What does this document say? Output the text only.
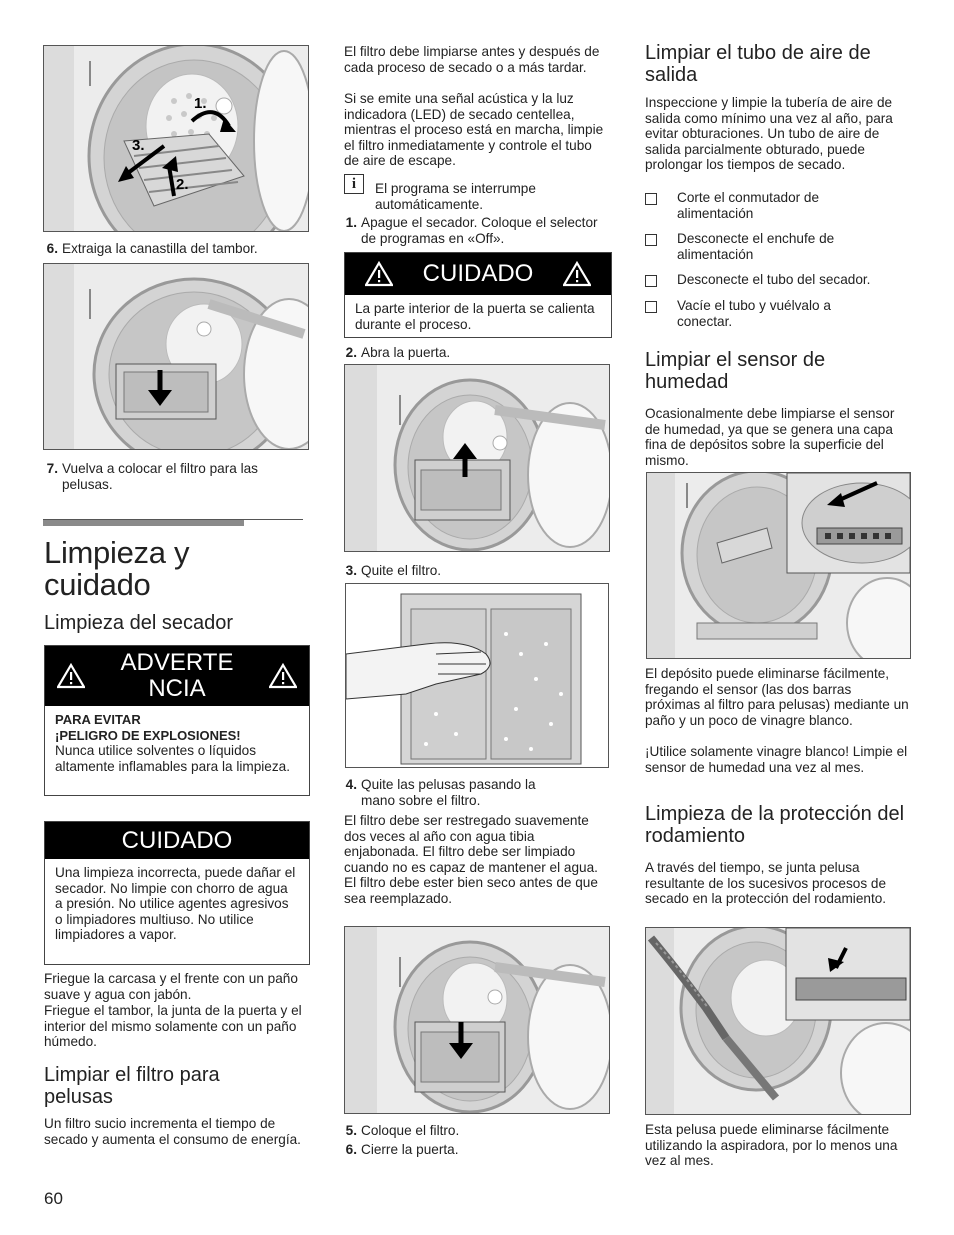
1.
2.
3.
6. Extraiga la canastilla del tambor.
7. Vuelva a colocar el filtro para las pelusas.
Limpieza y cuidado
Limpieza del secador
ADVERTENCIA

PARA EVITAR

¡PELIGRO DE EXPLOSIONES!

Nunca utilice solventes o líquidos altamente inflamables para la limpieza.

CUIDADO
Una limpieza incorrecta, puede dañar el secador. No limpie con chorro de agua a presión. No utilice agentes agresivos o limpiadores multiuso. No utilice limpiadores a vapor.
Friegue la carcasa y el frente con un paño suave y agua con jabón.
Friegue el tambor, la junta de la puerta y el interior del mismo solamente con un paño húmedo.
Limpiar el filtro para pelusas
Un filtro sucio incrementa el tiempo de secado y aumenta el consumo de energía.
60
El filtro debe limpiarse antes y después de cada proceso de secado o a más tardar.
Si se emite una señal acústica y la luz indicadora (LED) de secado centellea, mientras el proceso está en marcha, limpie el filtro inmediatamente y controle el tubo de aire de escape.
i	El programa se interrumpe automáticamente.
1. Apague el secador. Coloque el selector de programas en «Off».
CUIDADO
La parte interior de la puerta se calienta durante el proceso.
2. Abra la puerta.
3. Quite el filtro.
4. Quite las pelusas pasando la mano sobre el filtro.
El filtro debe ser restregado suavemente dos veces al año con agua tibia enjabonada. El filtro debe ser limpiado cuando no es capaz de mantener el agua. El filtro debe ester bien seco antes de que sea reemplazado.
5. Coloque el filtro.
6. Cierre la puerta.
Limpiar el tubo de aire de salida
Inspeccione y limpie la tubería de aire de salida como mínimo una vez al año, para evitar obturaciones. Un tubo de aire de salida parcialmente obturado, puede prolongar los tiempos de secado.
Corte el conmutador de alimentación
Desconecte el enchufe de alimentación
Desconecte el tubo del secador.
Vacíe el tubo y vuélvalo a conectar.
Limpiar el sensor de humedad
Ocasionalmente debe limpiarse el sensor de humedad, ya que se genera una capa fina de depósitos sobre la superficie del mismo.
El depósito puede eliminarse fácilmente, fregando el sensor (las dos barras próximas al filtro para pelusas) mediante un paño y un poco de vinagre blanco.
¡Utilice solamente vinagre blanco! Limpie el sensor de humedad una vez al mes.
Limpieza de la protección del rodamiento
A través del tiempo, se junta pelusa resultante de los sucesivos procesos de secado en la protección del rodamiento.
Esta pelusa puede eliminarse fácilmente utilizando la aspiradora, por lo menos una vez al mes.
